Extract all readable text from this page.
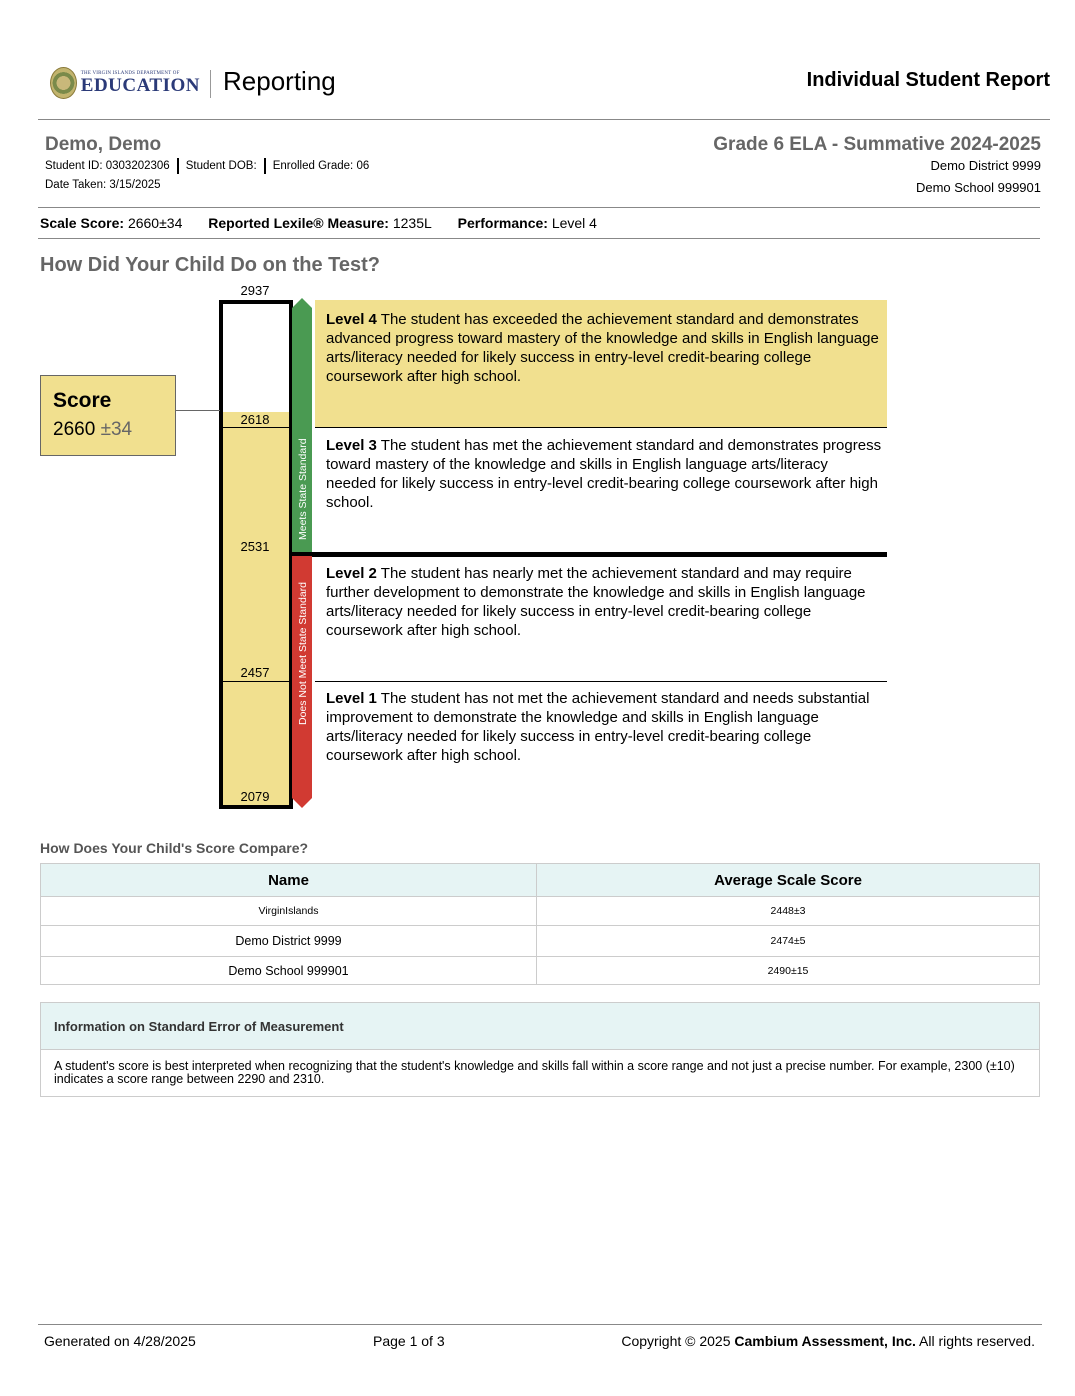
THE VIRGIN ISLANDS DEPARTMENT OF
EDUCATION Reporting	Individual Student Report
Demo, Demo
Student ID:
0303202306 Student DOB: Enrolled Grade:
06
Date Taken: 3/15/2025
Grade 6 ELA - Summative 2024-2025
Demo District 9999
Demo School 999901
Scale Score: 2660±34 Reported Lexile® Measure: 1235L Performance: Level 4
How Did Your Child Do on the Test?
2937
2618
2531
2457
2079
Meets State Standard
Does Not Meet State Standard
Score
2660 ±34
Level 4 The student has exceeded the achievement standard and demonstrates advanced progress toward mastery of the knowledge and skills in English language arts/literacy needed for likely success in entry-level credit-bearing college coursework after high school.
Level 3 The student has met the achievement standard and demonstrates progress toward mastery of the knowledge and skills in English language arts/literacy needed for likely success in entry-level credit-bearing college coursework after high school.
Level 2 The student has nearly met the achievement standard and may require further development to demonstrate the knowledge and skills in English language arts/literacy needed for likely success in entry-level credit-bearing college coursework after high school.
Level 1 The student has not met the achievement standard and needs substantial improvement to demonstrate the knowledge and skills in English language arts/literacy needed for likely success in entry-level credit-bearing college coursework after high school.
How Does Your Child's Score Compare?
Name	Average Scale Score
VirginIslands	2448±3
Demo District 9999	2474±5
Demo School 999901	2490±15
Information on Standard Error of Measurement
A student's score is best interpreted when recognizing that the student's knowledge and skills fall within a score range and not just a precise number. For example, 2300 (±10) indicates a score range between 2290 and 2310.
Generated on 4/28/2025	Page 1 of 3	Copyright © 2025 Cambium Assessment, Inc. All rights reserved.
